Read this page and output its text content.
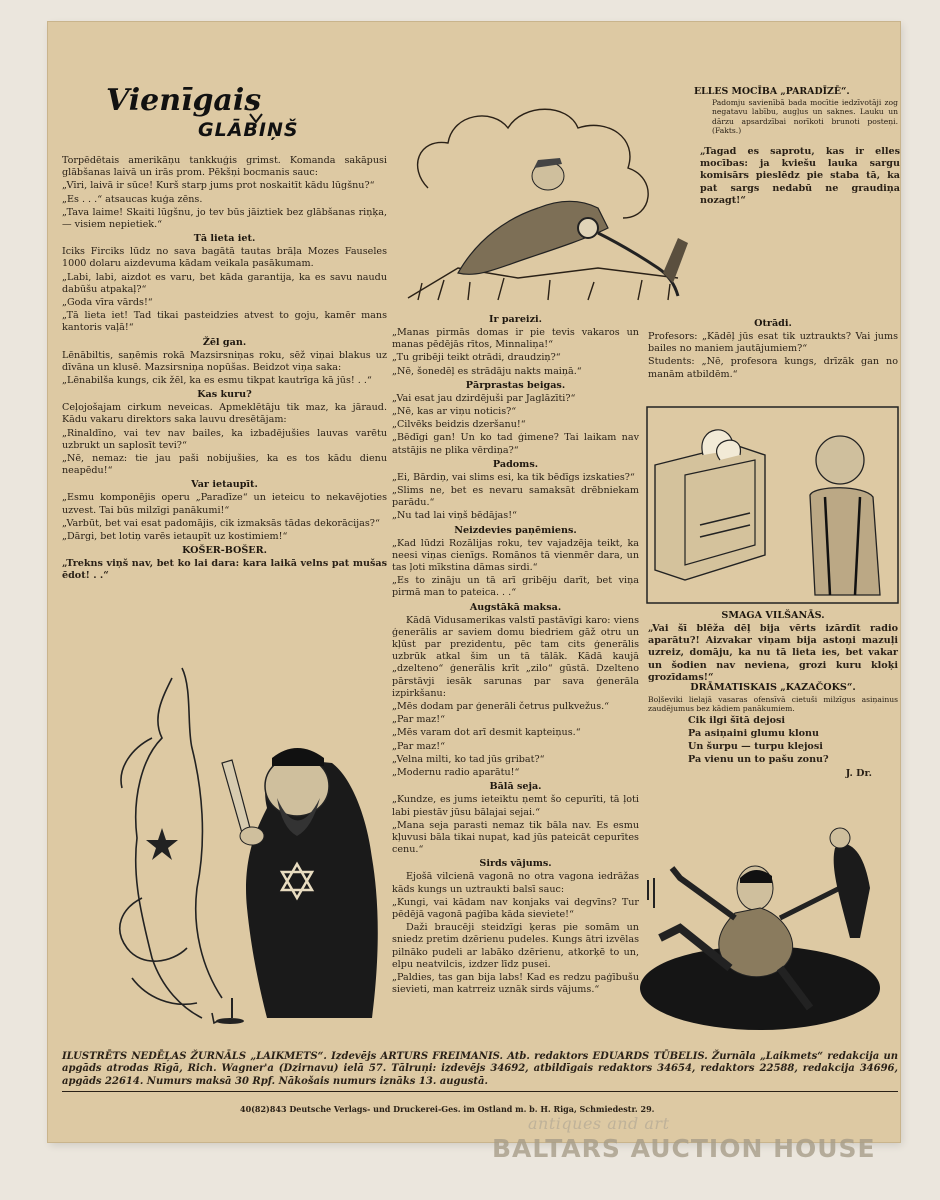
Vienīgais
GLĀBIŅŠ

Torpēdētais amerikāņu tankkuģis grimst. Komanda sakāpusi glābšanas laivā un irās prom. Pēkšņi bocmanis sauc:

„Vīri, laivā ir sūce! Kurš starp jums prot noskaitīt kādu lūgšnu?“

„Es . . .“ atsaucas kuģa zēns.

„Tava laime! Skaiti lūgšnu, jo tev būs jāiztiek bez glābšanas riņķa, — visiem nepietiek.“

Tā lieta iet.

Iciks Firciks lūdz no sava bagātā tautas brāļa Mozes Fauseles 1000 dolaru aizdevuma kādam veikala pasākumam.

„Labi, labi, aizdot es varu, bet kāda garantija, ka es savu naudu dabūšu atpakaļ?“

„Goda vīra vārds!“

„Tā lieta iet! Tad tikai pasteidzies atvest to goju, kamēr mans kantoris vaļā!“

Žēl gan.

Lēnābiltis, saņēmis rokā Mazsirsniņas roku, sēž viņai blakus uz dīvāna un klusē. Mazsirsniņa nopūšas. Beidzot viņa saka:

„Lēnabilša kungs, cik žēl, ka es esmu tikpat kautrīga kā jūs! . .“

Kas kuru?

Ceļojošajam cirkum neveicas. Apmeklētāju tik maz, ka jāraud. Kādu vakaru direktors saka lauvu dresētājam:

„Rinaldīno, vai tev nav bailes, ka izbadējušies lauvas varētu uzbrukt un saplosīt tevi?“

„Nē, nemaz: tie jau paši nobijušies, ka es tos kādu dienu neapēdu!“

Var ietaupīt.

„Esmu komponējis operu „Paradīze“ un ieteicu to nekavējoties uzvest. Tai būs milzīgi panākumi!“

„Varbūt, bet vai esat padomājis, cik izmaksās tādas dekorācijas?“

„Dārgi, bet lotiņ varēs ietaupīt uz kostimiem!“

KOŠER-BOŠER.

„Trekns viņš nav, bet ko lai dara: kara laikā velns pat mušas ēdot! . .“

ELLES MOCĪBA „PARADĪZĒ“.

Padomju savienībā bada mocītie iedzīvotāji zog negatavu labību, augļus un saknes. Lauku un dārzu apsardzībai norīkoti brunoti posteņi. (Fakts.)

„Tagad es saprotu, kas ir elles mocības: ja kviešu lauka sargu komisārs pieslēdz pie staba tā, ka pat sargs nedabū ne graudiņa nozagt!“

Ir pareizi.

„Manas pirmās domas ir pie tevis vakaros un manas pēdējās rītos, Minnaliņa!“

„Tu gribēji teikt otrādi, draudziņ?“

„Nē, šonedēļ es strādāju nakts maiņā.“

Pārprastas beigas.

„Vai esat jau dzirdējuši par Jaglāzīti?“

„Nē, kas ar viņu noticis?“

„Cilvēks beidzis dzeršanu!“

„Bēdīgi gan! Un ko tad ģimene? Tai laikam nav atstājis ne plika vērdiņa?“

Padoms.

„Ei, Bārdiņ, vai slims esi, ka tik bēdīgs izskaties?“

„Slims ne, bet es nevaru samaksāt drēbniekam parādu.“

„Nu tad lai viņš bēdājas!“

Neizdevies paņēmiens.

„Kad lūdzi Rozālijas roku, tev vajadzēja teikt, ka neesi viņas cienīgs. Romānos tā vienmēr dara, un tas ļoti mīkstina dāmas sirdi.“

„Es to zināju un tā arī gribēju darīt, bet viņa pirmā man to pateica. . .“

Augstākā maksa.

Kādā Vidusamerikas valstī pastāvīgi karo: viens ģenerālis ar saviem domu biedriem gāž otru un kļūst par prezidentu, pēc tam cits ģenerālis uzbrūk atkal šim un tā tālāk. Kādā kaujā „dzelteno“ ģenerālis krīt „zilo“ gūstā. Dzelteno pārstāvji iesāk sarunas par sava ģenerāla izpirkšanu:

„Mēs dodam par ģenerāli četrus pulkvežus.“

„Par maz!“

„Mēs varam dot arī desmit kapteiņus.“

„Par maz!“

„Velna milti, ko tad jūs gribat?“

„Modernu radio aparātu!“

Bālā seja.

„Kundze, es jums ieteiktu ņemt šo cepurīti, tā ļoti labi piestāv jūsu bālajai sejai.“

„Mana seja parasti nemaz tik bāla nav. Es esmu kļuvusi bāla tikai nupat, kad jūs pateicāt cepurītes cenu.“

Sirds vājums.

Ejošā vilcienā vagonā no otra vagona iedrāžas kāds kungs un uztraukti balsī sauc:

„Kungi, vai kādam nav konjaks vai degvīns? Tur pēdējā vagonā paģība kāda sieviete!“

Daži braucēji steidzīgi ķeras pie somām un sniedz pretim dzērienu pudeles. Kungs ātri izvēlas pilnāko pudeli ar labāko dzērienu, atkorķē to un, elpu neatvilcis, izdzer līdz pusei.

„Paldies, tas gan bija labs! Kad es redzu paģībušu sievieti, man katrreiz uznāk sirds vājums.“

Otrādi.

Profesors: „Kādēļ jūs esat tik uztraukts? Vai jums bailes no maniem jautājumiem?“

Students: „Nē, profesora kungs, drīzāk gan no manām atbildēm.“

SMAGA VILŠANĀS.

„Vai šī blēža dēļ bija vērts izārdīt radio aparātu?! Aizvakar viņam bija astoņi mazuļi uzreiz, domāju, ka nu tā lieta ies, bet vakar un šodien nav neviena, grozi kuru kloķi grozīdams!“

DRĀMATISKAIS „KAZAČOKS“.

Boļševiki lielajā vasaras ofensīvā cietuši milzīgus asiņainus zaudējumus bez kādiem panākumiem.

Cik ilgi šītā dejosi

Pa asiņaini glumu klonu

Un šurpu — turpu klejosi

Pa vienu un to pašu zonu?

J. Dr.

ILUSTRĒTS NEDĒĻAS ŽURNĀLS „LAIKMETS“. Izdevējs ARTURS FREIMANIS. Atb. redaktors EDUARDS TŪBELIS. Žurnāla „Laikmets“ redakcija un apgāds atrodas Rīgā, Rich. Wagner'a (Dzirnavu) ielā 57. Tālruņi: izdevējs 34692, atbildīgais redaktors 34654, redaktors 22588, redakcija 34696, apgāds 22614. Numurs maksā 30 Rpf. Nākošais numurs iznāks 13. augustā.

40(82)843 Deutsche Verlags- und Druckerei-Ges. im Ostland m. b. H. Riga, Schmiedestr. 29.
antiques and art
BALTARS AUCTION HOUSE
